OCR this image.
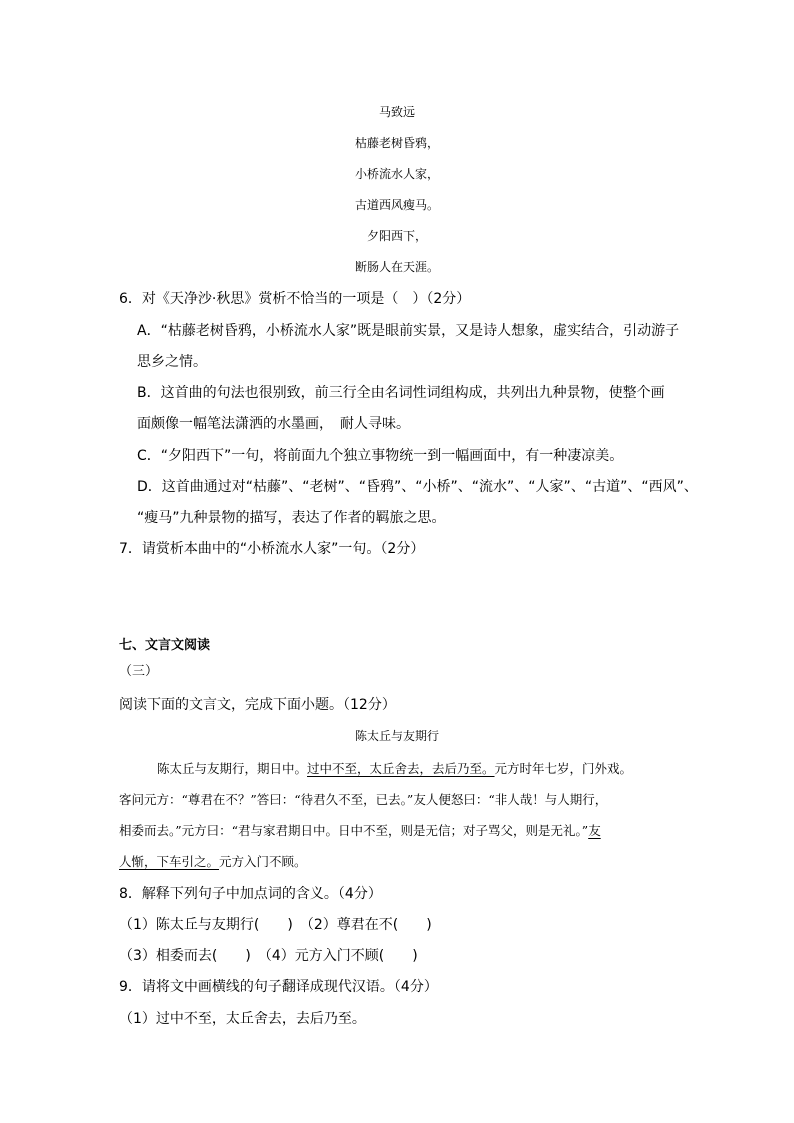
马致远
枯藤老树昏鸦，
小桥流水人家，
古道西风瘦马。
夕阳西下，
断肠人在天涯。
6．对《天净沙·秋思》赏析不恰当的一项是（　）（2分）
A．“枯藤老树昏鸦，小桥流水人家”既是眼前实景，又是诗人想象，虚实结合，引动游子
思乡之情。
B．这首曲的句法也很别致，前三行全由名词性词组构成，共列出九种景物，使整个画
面颇像一幅笔法潇洒的水墨画，　耐人寻味。
C．“夕阳西下”一句，将前面九个独立事物统一到一幅画面中，有一种凄凉美。
D．这首曲通过对“枯藤”、“老树”、“昏鸦”、“小桥”、“流水”、“人家”、“古道”、“西风”、
“瘦马”九种景物的描写，表达了作者的羁旅之思。
7．请赏析本曲中的“小桥流水人家”一句。（2分）
七、文言文阅读
（三）
阅读下面的文言文，完成下面小题。（12分）
陈太丘与友期行
陈太丘与友期行，期日中。过中不至，太丘舍去，去后乃至。元方时年七岁，门外戏。
客问元方：“尊君在不？”答曰：“待君久不至，已去。”友人便怒曰：“非人哉！与人期行，
相委而去。”元方曰：“君与家君期日中。日中不至，则是无信；对子骂父，则是无礼。”友
人惭，下车引之。元方入门不顾。
8．解释下列句子中加点词的含义。（4分）
（1）陈太丘与友期行(　　)　（2）尊君在不(　　)
（3）相委而去(　　)　（4）元方入门不顾(　　)
9．请将文中画横线的句子翻译成现代汉语。（4分）
（1）过中不至，太丘舍去，去后乃至。
